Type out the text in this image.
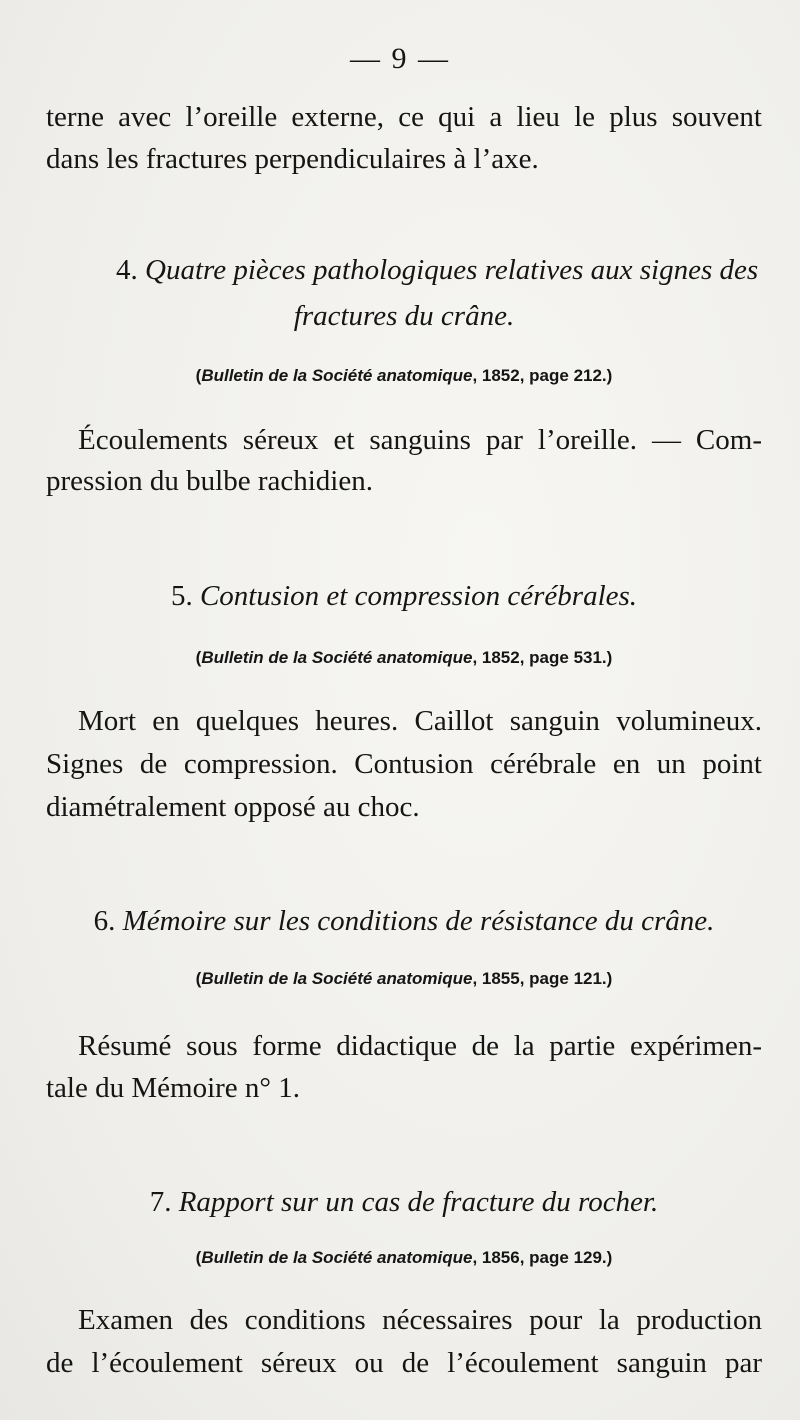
— 9 —
terne avec l’oreille externe, ce qui a lieu le plus souvent
dans les fractures perpendiculaires à l’axe.
4. Quatre pièces pathologiques relatives aux signes des
fractures du crâne.
(Bulletin de la Société anatomique, 1852, page 212.)
Écoulements séreux et sanguins par l’oreille. — Com-
pression du bulbe rachidien.
5. Contusion et compression cérébrales.
(Bulletin de la Société anatomique, 1852, page 531.)
Mort en quelques heures. Caillot sanguin volumineux.
Signes de compression. Contusion cérébrale en un point
diamétralement opposé au choc.
6. Mémoire sur les conditions de résistance du crâne.
(Bulletin de la Société anatomique, 1855, page 121.)
Résumé sous forme didactique de la partie expérimen-
tale du Mémoire n° 1.
7. Rapport sur un cas de fracture du rocher.
(Bulletin de la Société anatomique, 1856, page 129.)
Examen des conditions nécessaires pour la production
de l’écoulement séreux ou de l’écoulement sanguin par
